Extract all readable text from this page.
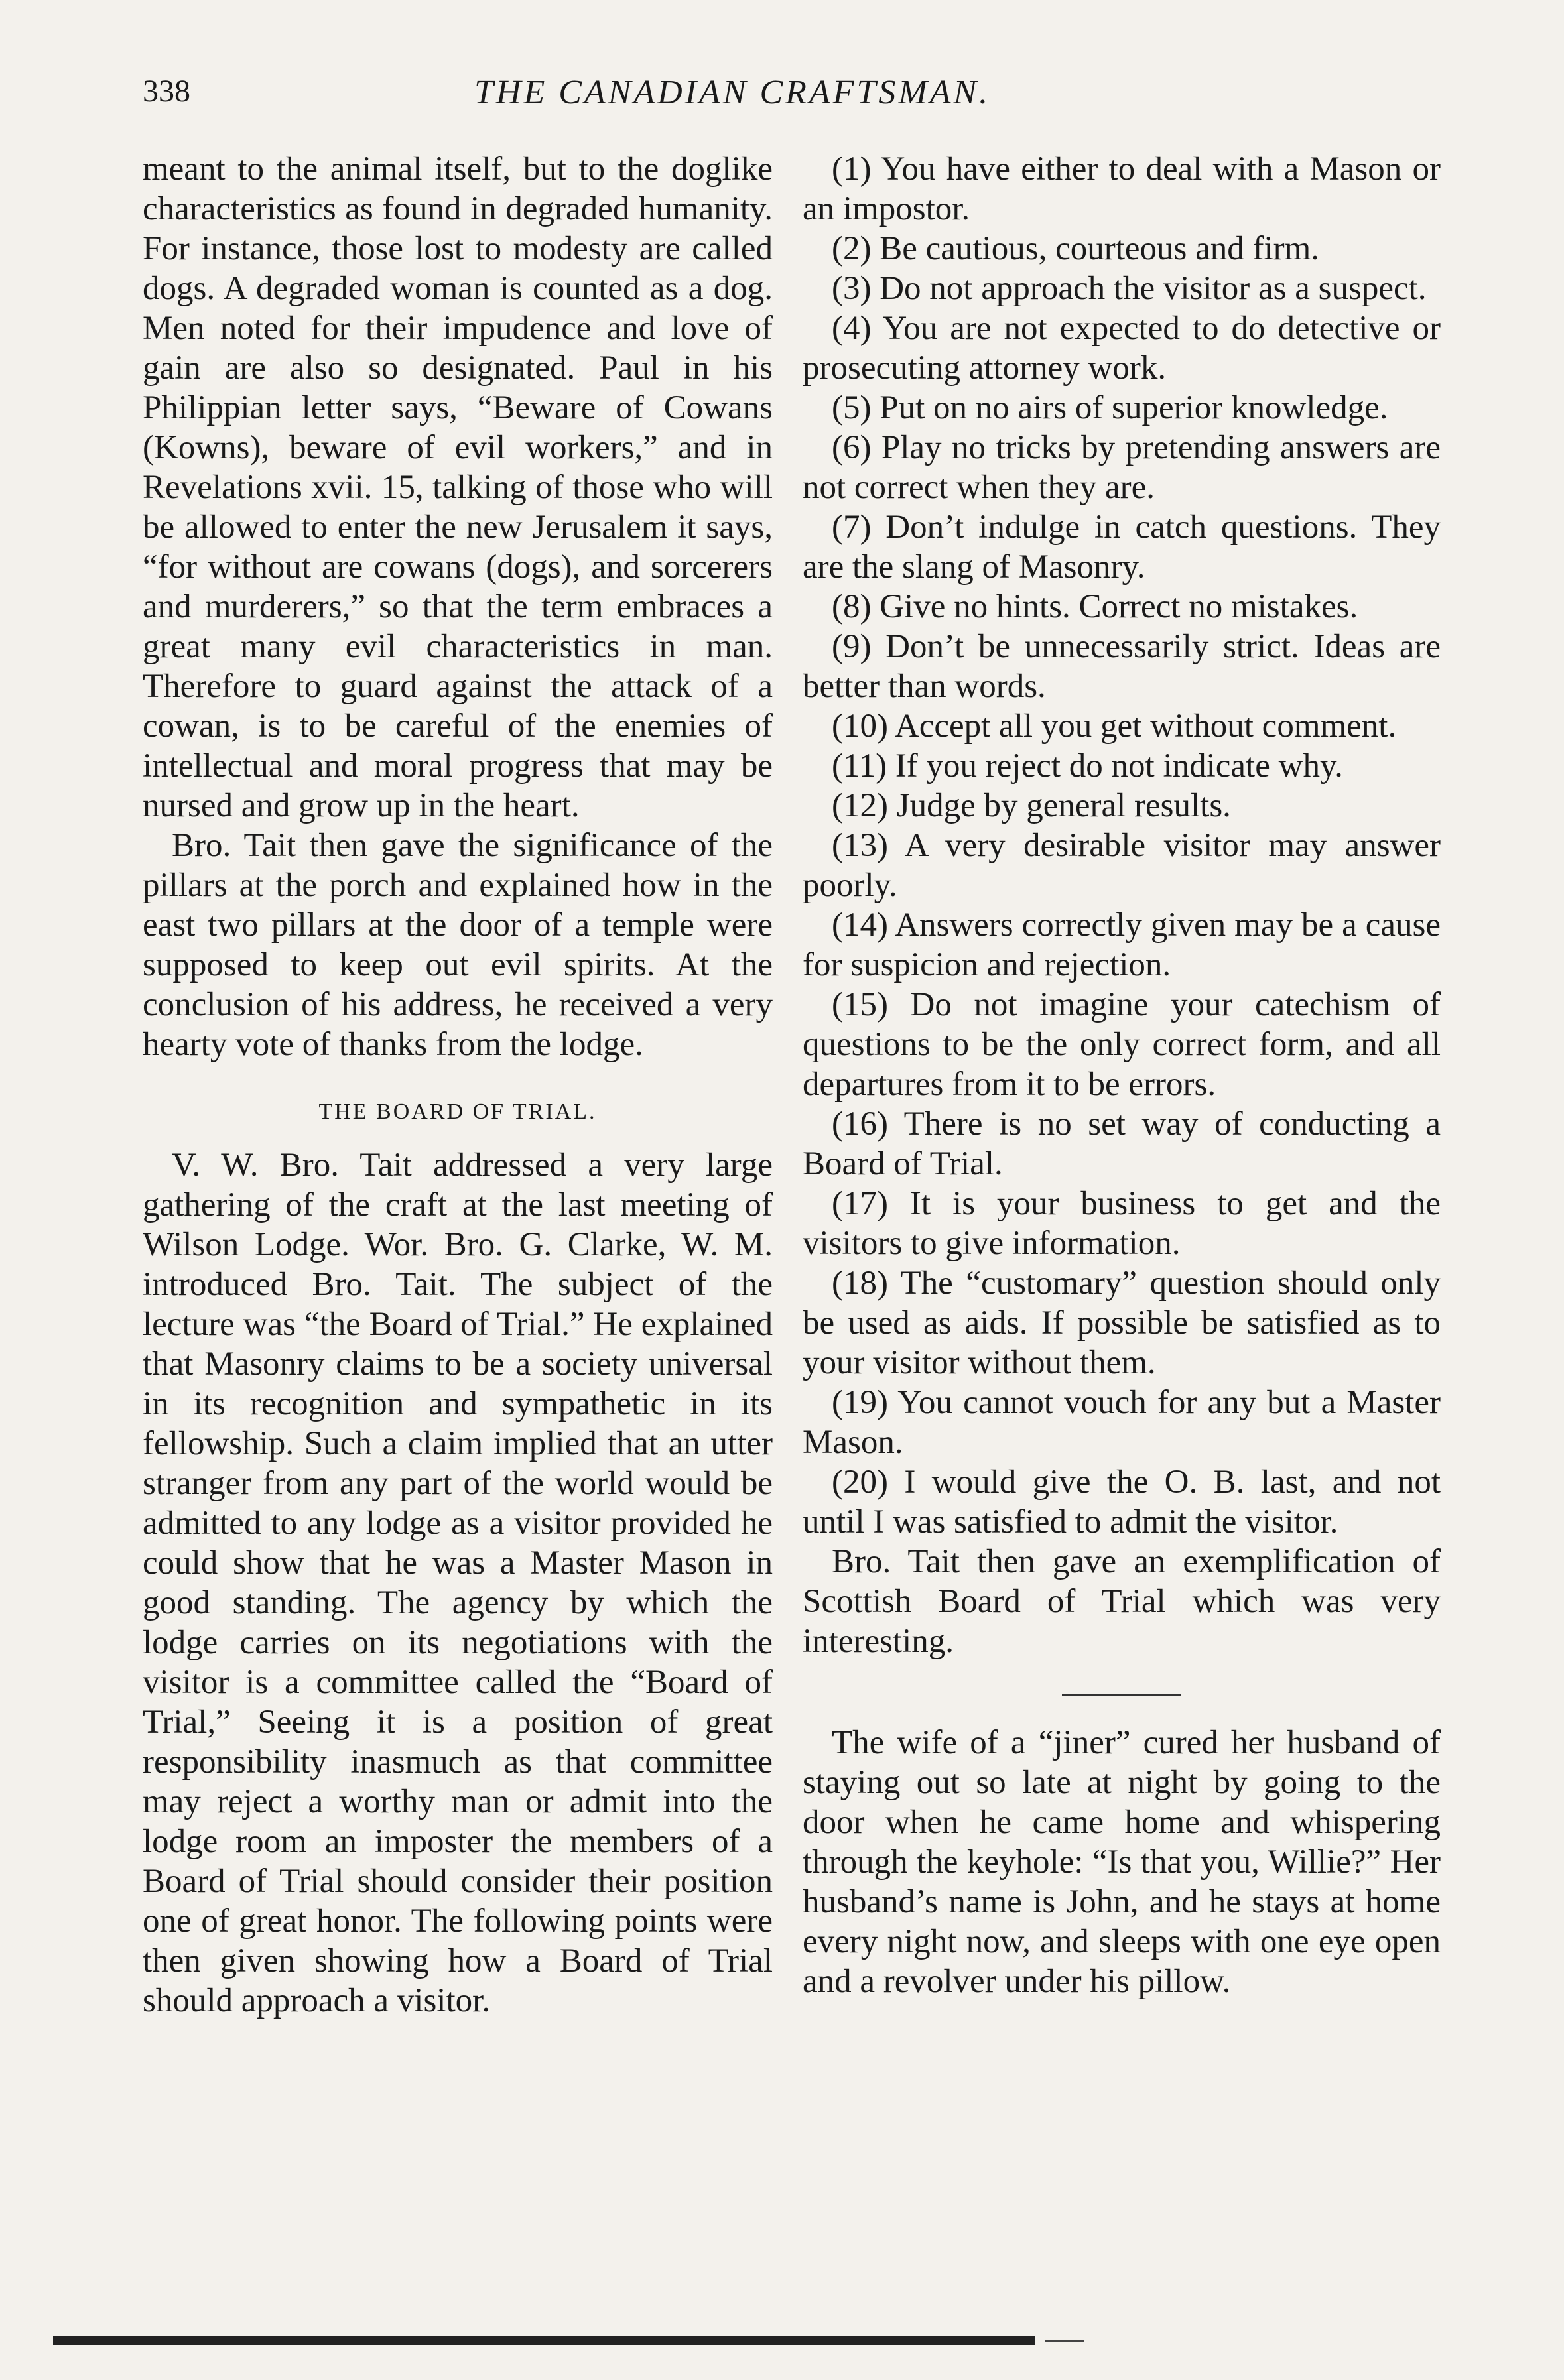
338	THE CANADIAN CRAFTSMAN.

meant to the animal itself, but to the doglike characteristics as found in degraded humanity. For instance, those lost to modesty are called dogs. A degraded woman is counted as a dog. Men noted for their impudence and love of gain are also so designated. Paul in his Philippian letter says, “Beware of Cowans (Kowns), beware of evil workers,” and in Revelations xvii. 15, talking of those who will be allowed to enter the new Jerusalem it says, “for without are cowans (dogs), and sorcerers and murderers,” so that the term embraces a great many evil characteristics in man. Therefore to guard against the attack of a cowan, is to be careful of the enemies of intellectual and moral progress that may be nursed and grow up in the heart.

Bro. Tait then gave the significance of the pillars at the porch and explained how in the east two pillars at the door of a temple were supposed to keep out evil spirits. At the conclusion of his address, he received a very hearty vote of thanks from the lodge.

THE BOARD OF TRIAL.

V. W. Bro. Tait addressed a very large gathering of the craft at the last meeting of Wilson Lodge. Wor. Bro. G. Clarke, W. M. introduced Bro. Tait. The subject of the lecture was “the Board of Trial.” He explained that Masonry claims to be a society universal in its recognition and sympathetic in its fellowship. Such a claim implied that an utter stranger from any part of the world would be admitted to any lodge as a visitor provided he could show that he was a Master Mason in good standing. The agency by which the lodge carries on its negotiations with the visitor is a committee called the “Board of Trial,” Seeing it is a position of great responsibility inasmuch as that committee may reject a worthy man or admit into the lodge room an imposter the members of a Board of Trial should consider their position one of great honor. The following points were then given showing how a Board of Trial should approach a visitor.

(1) You have either to deal with a Mason or an impostor.

(2) Be cautious, courteous and firm.

(3) Do not approach the visitor as a suspect.

(4) You are not expected to do detective or prosecuting attorney work.

(5) Put on no airs of superior knowledge.

(6) Play no tricks by pretending answers are not correct when they are.

(7) Don’t indulge in catch questions. They are the slang of Masonry.

(8) Give no hints. Correct no mistakes.

(9) Don’t be unnecessarily strict. Ideas are better than words.

(10) Accept all you get without comment.

(11) If you reject do not indicate why.

(12) Judge by general results.

(13) A very desirable visitor may answer poorly.

(14) Answers correctly given may be a cause for suspicion and rejection.

(15) Do not imagine your catechism of questions to be the only correct form, and all departures from it to be errors.

(16) There is no set way of conducting a Board of Trial.

(17) It is your business to get and the visitors to give information.

(18) The “customary” question should only be used as aids. If possible be satisfied as to your visitor without them.

(19) You cannot vouch for any but a Master Mason.

(20) I would give the O. B. last, and not until I was satisfied to admit the visitor.

Bro. Tait then gave an exemplification of Scottish Board of Trial which was very interesting.

The wife of a “jiner” cured her husband of staying out so late at night by going to the door when he came home and whispering through the keyhole: “Is that you, Willie?” Her husband’s name is John, and he stays at home every night now, and sleeps with one eye open and a revolver under his pillow.
